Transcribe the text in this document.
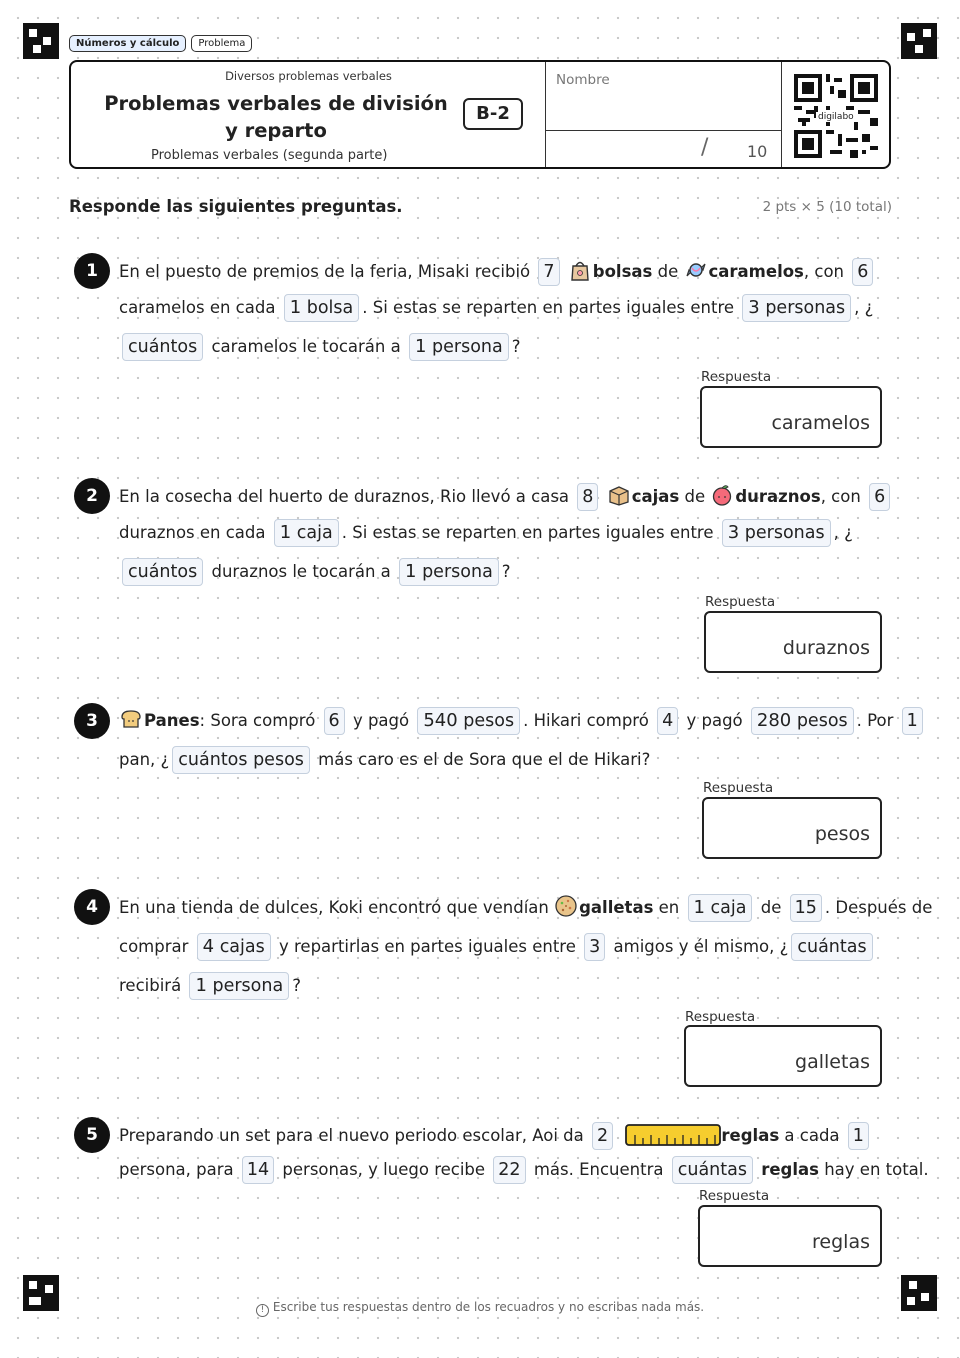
Números y cálculo	Problema
Diversos problemas verbales
Problemas verbales de división y reparto
B-2
Problemas verbales (segunda parte)
Nombre
/ 10
digilabo
Responde las siguientes preguntas.	2 pts × 5 (10 total)
1	En el puesto de premios de la feria, Misaki recibió 7 bolsas de caramelos, con 6
caramelos en cada 1 bolsa . Si estas se reparten en partes iguales entre 3 personas , ¿
cuántos caramelos le tocarán a 1 persona ?
Respuesta
caramelos
2	En la cosecha del huerto de duraznos, Rio llevó a casa 8 cajas de duraznos, con 6
duraznos en cada 1 caja . Si estas se reparten en partes iguales entre 3 personas , ¿
cuántos duraznos le tocarán a 1 persona ?
Respuesta
duraznos
3	Panes: Sora compró 6 y pagó 540 pesos . Hikari compró 4 y pagó 280 pesos . Por 1
pan, ¿ cuántos pesos más caro es el de Sora que el de Hikari?
Respuesta
pesos
4	En una tienda de dulces, Koki encontró que vendían galletas en 1 caja de 15 . Después de
comprar 4 cajas y repartirlas en partes iguales entre 3 amigos y él mismo, ¿ cuántas
recibirá 1 persona ?
Respuesta
galletas
5	Preparando un set para el nuevo periodo escolar, Aoi da 2	reglas a cada 1
persona, para 14 personas, y luego recibe 22 más. Encuentra cuántas reglas hay en total.
Respuesta
reglas
! Escribe tus respuestas dentro de los recuadros y no escribas nada más.
